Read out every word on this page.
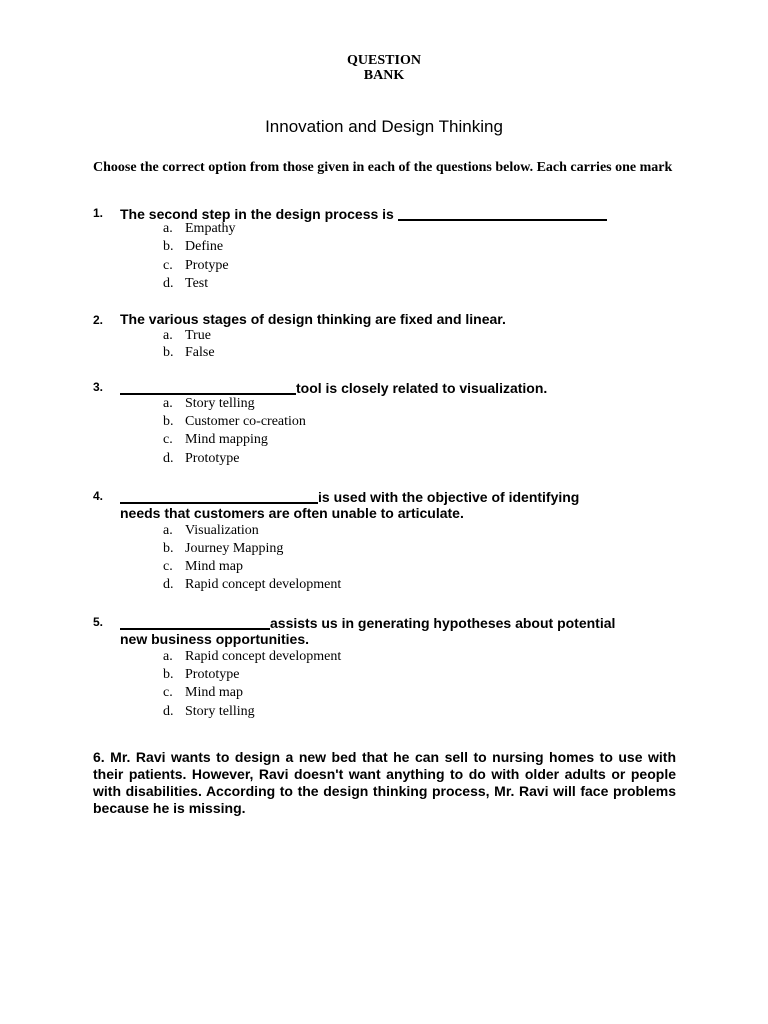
QUESTION
BANK
Innovation and Design Thinking
Choose the correct option from those given in each of the questions below. Each carries one mark
1. The second step in the design process is
a. Empathy
b. Define
c. Protype
d. Test
2. The various stages of design thinking are fixed and linear.
a. True
b. False
3.	tool is closely related to visualization.
a. Story telling
b. Customer co-creation
c. Mind mapping
d. Prototype
4.	is used with the objective of identifying
needs that customers are often unable to articulate.
a. Visualization
b. Journey Mapping
c. Mind map
d. Rapid concept development
5.	assists us in generating hypotheses about potential
new business opportunities.
a. Rapid concept development
b. Prototype
c. Mind map
d. Story telling
6. Mr. Ravi wants to design a new bed that he can sell to nursing homes to use with their patients. However, Ravi doesn't want anything to do with older adults or people with disabilities. According to the design thinking process, Mr. Ravi will face problems because he is missing.
